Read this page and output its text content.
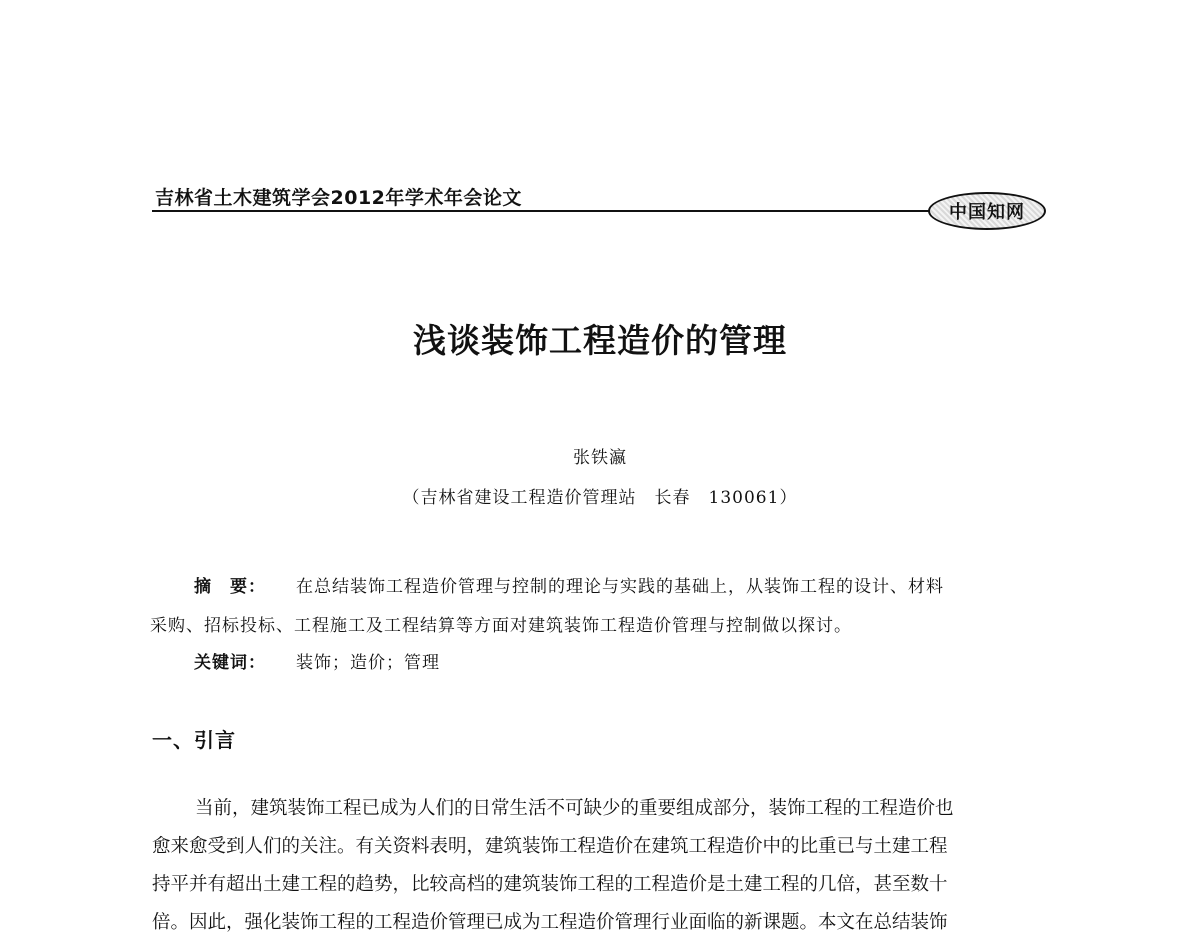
吉林省土木建筑学会2012年学术年会论文
中国知网
浅谈装饰工程造价的管理
张铁瀛
（吉林省建设工程造价管理站　长春　130061）
摘　要： 在总结装饰工程造价管理与控制的理论与实践的基础上，从装饰工程的设计、材料
采购、招标投标、工程施工及工程结算等方面对建筑装饰工程造价管理与控制做以探讨。
关键词： 装饰；造价；管理
一、引言
当前，建筑装饰工程已成为人们的日常生活不可缺少的重要组成部分，装饰工程的工程造价也
愈来愈受到人们的关注。有关资料表明，建筑装饰工程造价在建筑工程造价中的比重已与土建工程
持平并有超出土建工程的趋势，比较高档的建筑装饰工程的工程造价是土建工程的几倍，甚至数十
倍。因此，强化装饰工程的工程造价管理已成为工程造价管理行业面临的新课题。本文在总结装饰
